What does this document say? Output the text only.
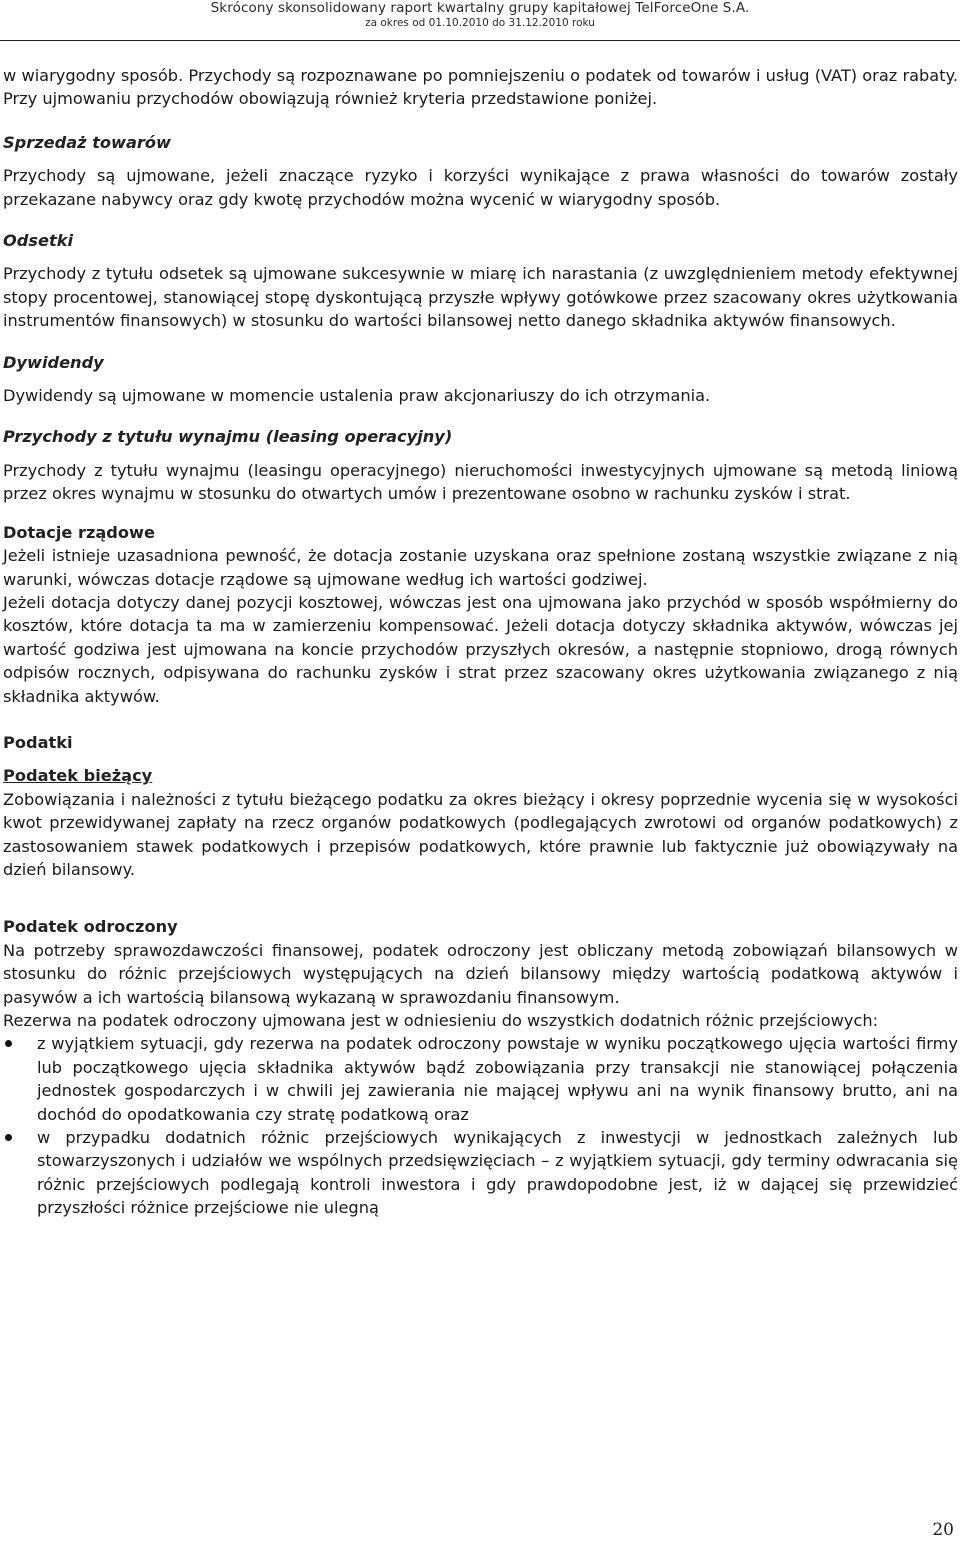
Skrócony skonsolidowany raport kwartalny grupy kapitałowej TelForceOne S.A.
za okres od 01.10.2010 do 31.12.2010 roku

w wiarygodny sposób. Przychody są rozpoznawane po pomniejszeniu o podatek od towarów i usług (VAT) oraz rabaty. Przy ujmowaniu przychodów obowiązują również kryteria przedstawione poniżej.

Sprzedaż towarów

Przychody są ujmowane, jeżeli znaczące ryzyko i korzyści wynikające z prawa własności do towarów zostały przekazane nabywcy oraz gdy kwotę przychodów można wycenić w wiarygodny sposób.

Odsetki

Przychody z tytułu odsetek są ujmowane sukcesywnie w miarę ich narastania (z uwzględnieniem metody efektywnej stopy procentowej, stanowiącej stopę dyskontującą przyszłe wpływy gotówkowe przez szacowany okres użytkowania instrumentów finansowych) w stosunku do wartości bilansowej netto danego składnika aktywów finansowych.

Dywidendy

Dywidendy są ujmowane w momencie ustalenia praw akcjonariuszy do ich otrzymania.

Przychody z tytułu wynajmu (leasing operacyjny)

Przychody z tytułu wynajmu (leasingu operacyjnego) nieruchomości inwestycyjnych ujmowane są metodą liniową przez okres wynajmu w stosunku do otwartych umów i prezentowane osobno w rachunku zysków i strat.

Dotacje rządowe

Jeżeli istnieje uzasadniona pewność, że dotacja zostanie uzyskana oraz spełnione zostaną wszystkie związane z nią warunki, wówczas dotacje rządowe są ujmowane według ich wartości godziwej.

Jeżeli dotacja dotyczy danej pozycji kosztowej, wówczas jest ona ujmowana jako przychód w sposób współmierny do kosztów, które dotacja ta ma w zamierzeniu kompensować. Jeżeli dotacja dotyczy składnika aktywów, wówczas jej wartość godziwa jest ujmowana na koncie przychodów przyszłych okresów, a następnie stopniowo, drogą równych odpisów rocznych, odpisywana do rachunku zysków i strat przez szacowany okres użytkowania związanego z nią składnika aktywów.

Podatki

Podatek bieżący

Zobowiązania i należności z tytułu bieżącego podatku za okres bieżący i okresy poprzednie wycenia się w wysokości kwot przewidywanej zapłaty na rzecz organów podatkowych (podlegających zwrotowi od organów podatkowych) z zastosowaniem stawek podatkowych i przepisów podatkowych, które prawnie lub faktycznie już obowiązywały na dzień bilansowy.

Podatek odroczony

Na potrzeby sprawozdawczości finansowej, podatek odroczony jest obliczany metodą zobowiązań bilansowych w stosunku do różnic przejściowych występujących na dzień bilansowy między wartością podatkową aktywów i pasywów a ich wartością bilansową wykazaną w sprawozdaniu finansowym.

Rezerwa na podatek odroczony ujmowana jest w odniesieniu do wszystkich dodatnich różnic przejściowych:

z wyjątkiem sytuacji, gdy rezerwa na podatek odroczony powstaje w wyniku początkowego ujęcia wartości firmy lub początkowego ujęcia składnika aktywów bądź zobowiązania przy transakcji nie stanowiącej połączenia jednostek gospodarczych i w chwili jej zawierania nie mającej wpływu ani na wynik finansowy brutto, ani na dochód do opodatkowania czy stratę podatkową oraz
w przypadku dodatnich różnic przejściowych wynikających z inwestycji w jednostkach zależnych lub stowarzyszonych i udziałów we wspólnych przedsięwzięciach – z wyjątkiem sytuacji, gdy terminy odwracania się różnic przejściowych podlegają kontroli inwestora i gdy prawdopodobne jest, iż w dającej się przewidzieć przyszłości różnice przejściowe nie ulegną
20
